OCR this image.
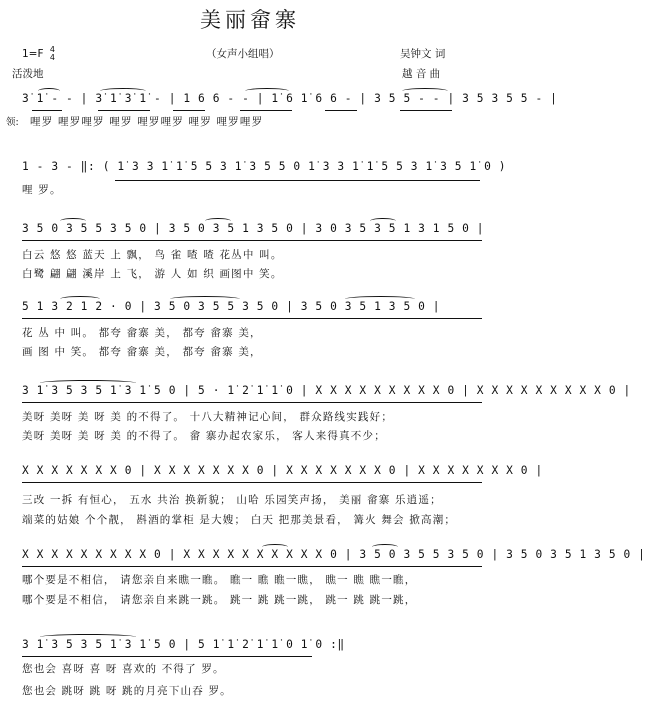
美丽畲寨
1=F 4
4
活泼地
（女声小组唱）	吴钟文 词
越 音 曲
3̇ 1̇ - - | 3̇ 1̇ 3̇ 1̇ - | 1 6 6 - - | 1̇ 6 1̇ 6 6 - | 3 5 5 - - | 3 5 3 5 5 - |
领: 哩罗 哩罗哩罗 哩罗 哩罗哩罗 哩罗 哩罗哩罗
1 - 3 - ‖: ( 1̇ 3 3 1̇ 1̇ 5 5 3 1̇ 3 5 5 0 1̇ 3 3 1̇ 1̇ 5 5 3 1̇ 3 5 1̇ 0 )
哩 罗。
3 5 0 3 5 5 3 5 0 | 3 5 0 3 5 1 3 5 0 | 3 0 3 5 3 5 1 3 1 5 0 |
白云 悠 悠 蓝天 上 飘， 鸟 雀 喳 喳 花丛中 叫。
白鹭 翩 翩 溪岸 上 飞， 游 人 如 织 画图中 笑。
5 1 3 2 1 2 · 0 | 3 5 0 3 5 5 3 5 0 | 3 5 0 3 5 1 3 5 0 |
花 丛 中 叫。 都夸 畲寨 美， 都夸 畲寨 美，
画 图 中 笑。 都夸 畲寨 美， 都夸 畲寨 美，
3 1̇ 3 5 3 5 1̇ 3 1̇ 5 0 | 5 · 1̇ 2̇ 1̇ 1̇ 0 | X X X X X X X X X 0 | X X X X X X X X X 0 |
美呀 美呀 美 呀 美 的不得了。 十八大精神记心间， 群众路线实践好；
美呀 美呀 美 呀 美 的不得了。 畲 寨办起农家乐， 客人来得真不少；
X X X X X X X 0 | X X X X X X X 0 | X X X X X X X 0 | X X X X X X X 0 |
三改 一拆 有恒心， 五水 共治 换新貌； 山哈 乐园笑声扬， 美丽 畲寨 乐逍遥；
端菜的姑娘 个个靓， 斟酒的掌柜 是大嫂； 白天 把那美景看， 篝火 舞会 掀高潮；
X X X X X X X X X 0 | X X X X X X X X X X 0 | 3 5 0 3 5 5 3 5 0 | 3 5 0 3 5 1 3 5 0 |
哪个要是不相信， 请您亲自来瞧一瞧。 瞧一 瞧 瞧一瞧， 瞧一 瞧 瞧一瞧，
哪个要是不相信， 请您亲自来跳一跳。 跳一 跳 跳一跳， 跳一 跳 跳一跳，
3 1̇ 3 5 3 5 1̇ 3 1̇ 5 0 | 5 1̇ 1̇ 2̇ 1̇ 1̇ 0 1̇ 0 :‖
您也会 喜呀 喜 呀 喜欢的 不得了 罗。
您也会 跳呀 跳 呀 跳的月亮下山吞 罗。
